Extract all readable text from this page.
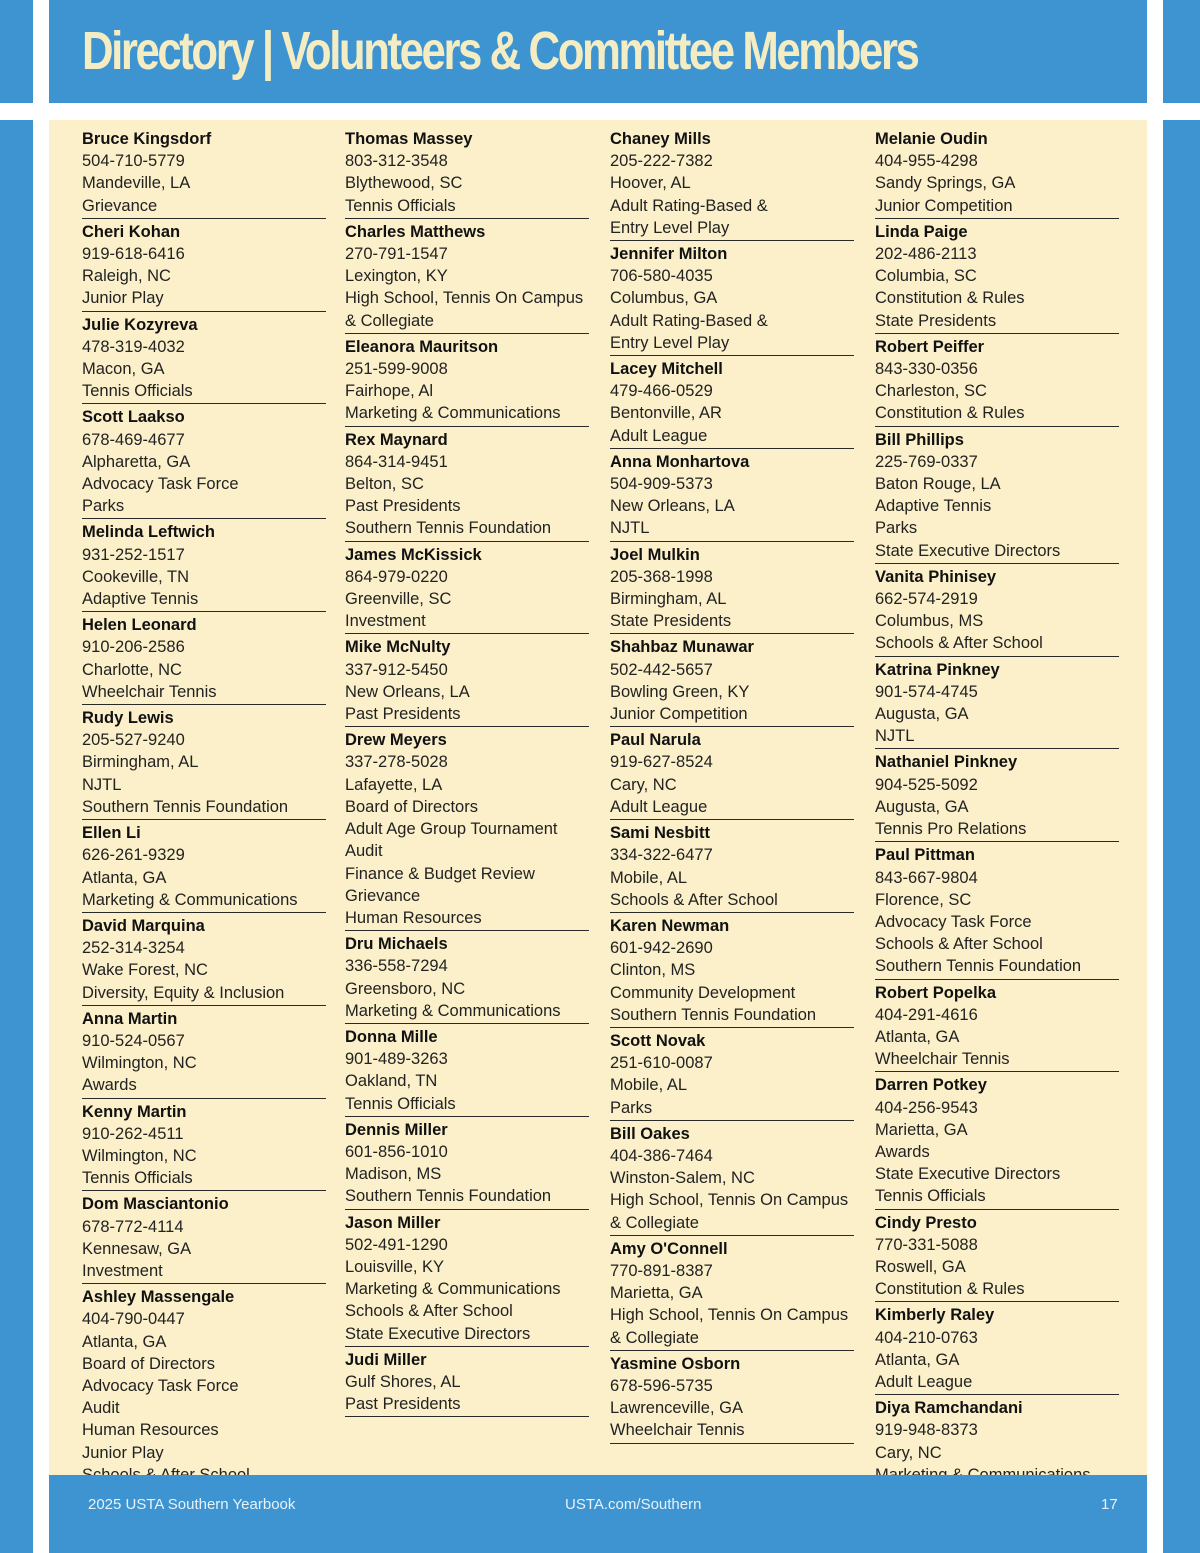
Directory | Volunteers & Committee Members
Bruce Kingsdorf
504-710-5779
Mandeville, LA
Grievance
Cheri Kohan
919-618-6416
Raleigh, NC
Junior Play
Julie Kozyreva
478-319-4032
Macon, GA
Tennis Officials
Scott Laakso
678-469-4677
Alpharetta, GA
Advocacy Task Force
Parks
Melinda Leftwich
931-252-1517
Cookeville, TN
Adaptive Tennis
Helen Leonard
910-206-2586
Charlotte, NC
Wheelchair Tennis
Rudy Lewis
205-527-9240
Birmingham, AL
NJTL
Southern Tennis Foundation
Ellen Li
626-261-9329
Atlanta, GA
Marketing & Communications
David Marquina
252-314-3254
Wake Forest, NC
Diversity, Equity & Inclusion
Anna Martin
910-524-0567
Wilmington, NC
Awards
Kenny Martin
910-262-4511
Wilmington, NC
Tennis Officials
Dom Masciantonio
678-772-4114
Kennesaw, GA
Investment
Ashley Massengale
404-790-0447
Atlanta, GA
Board of Directors
Advocacy Task Force
Audit
Human Resources
Junior Play
Thomas Massey
803-312-3548
Blythewood, SC
Tennis Officials
Charles Matthews
270-791-1547
Lexington, KY
High School, Tennis On Campus
& Collegiate
Eleanora Mauritson
251-599-9008
Fairhope, Al
Marketing & Communications
Rex Maynard
864-314-9451
Belton, SC
Past Presidents
Southern Tennis Foundation
James McKissick
864-979-0220
Greenville, SC
Investment
Mike McNulty
337-912-5450
New Orleans, LA
Past Presidents
Drew Meyers
337-278-5028
Lafayette, LA
Board of Directors
Adult Age Group Tournament
Audit
Finance & Budget Review
Grievance
Human Resources
Dru Michaels
336-558-7294
Greensboro, NC
Marketing & Communications
Donna Mille
901-489-3263
Oakland, TN
Tennis Officials
Dennis Miller
601-856-1010
Madison, MS
Southern Tennis Foundation
Jason Miller
502-491-1290
Louisville, KY
Marketing & Communications
Schools & After School
State Executive Directors
Judi Miller
Gulf Shores, AL
Past Presidents
Chaney Mills
205-222-7382
Hoover, AL
Adult Rating-Based &
Entry Level Play
Jennifer Milton
706-580-4035
Columbus, GA
Adult Rating-Based &
Entry Level Play
Lacey Mitchell
479-466-0529
Bentonville, AR
Adult League
Anna Monhartova
504-909-5373
New Orleans, LA
NJTL
Joel Mulkin
205-368-1998
Birmingham, AL
State Presidents
Shahbaz Munawar
502-442-5657
Bowling Green, KY
Junior Competition
Paul Narula
919-627-8524
Cary, NC
Adult League
Sami Nesbitt
334-322-6477
Mobile, AL
Schools & After School
Karen Newman
601-942-2690
Clinton, MS
Community Development
Southern Tennis Foundation
Scott Novak
251-610-0087
Mobile, AL
Parks
Bill Oakes
404-386-7464
Winston-Salem, NC
High School, Tennis On Campus
& Collegiate
Amy O'Connell
770-891-8387
Marietta, GA
High School, Tennis On Campus
& Collegiate
Yasmine Osborn
678-596-5735
Lawrenceville, GA
Wheelchair Tennis
Melanie Oudin
404-955-4298
Sandy Springs, GA
Junior Competition
Linda Paige
202-486-2113
Columbia, SC
Constitution & Rules
State Presidents
Robert Peiffer
843-330-0356
Charleston, SC
Constitution & Rules
Bill Phillips
225-769-0337
Baton Rouge, LA
Adaptive Tennis
Parks
State Executive Directors
Vanita Phinisey
662-574-2919
Columbus, MS
Schools & After School
Katrina Pinkney
901-574-4745
Augusta, GA
NJTL
Nathaniel Pinkney
904-525-5092
Augusta, GA
Tennis Pro Relations
Paul Pittman
843-667-9804
Florence, SC
Advocacy Task Force
Schools & After School
Southern Tennis Foundation
Robert Popelka
404-291-4616
Atlanta, GA
Wheelchair Tennis
Darren Potkey
404-256-9543
Marietta, GA
Awards
State Executive Directors
Tennis Officials
Cindy Presto
770-331-5088
Roswell, GA
Constitution & Rules
Kimberly Raley
404-210-0763
Atlanta, GA
Adult League
Diya Ramchandani
919-948-8373
Cary, NC
2025 USTA Southern Yearbook	USTA.com/Southern	17
